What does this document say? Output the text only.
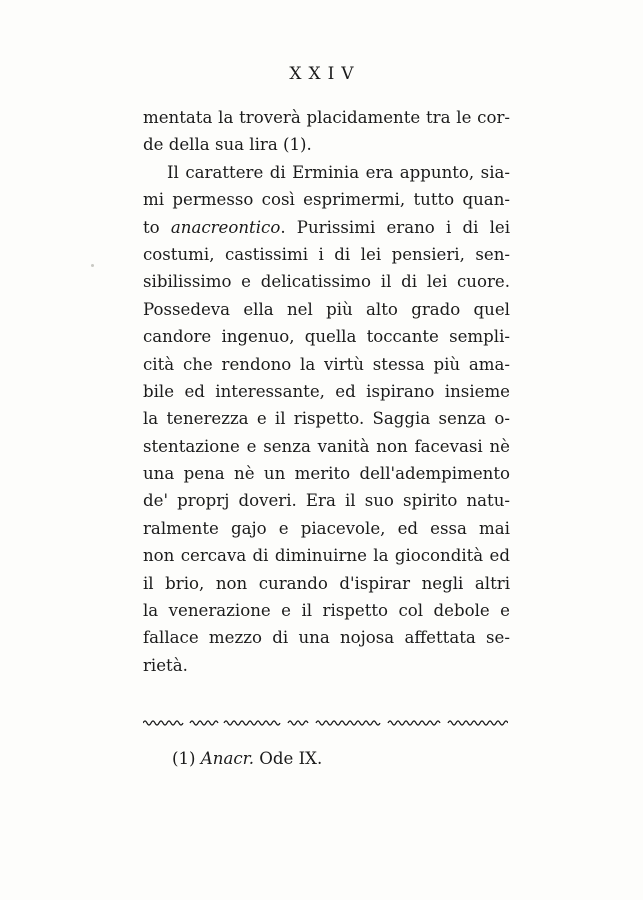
XXIV
mentata la troverà placidamente tra le cor-
de della sua lira (1).
Il carattere di Erminia era appunto, sia-
mi permesso così esprimermi, tutto quan-
to anacreontico. Purissimi erano i di lei
costumi, castissimi i di lei pensieri, sen-
sibilissimo e delicatissimo il di lei cuore.
Possedeva ella nel più alto grado quel
candore ingenuo, quella toccante sempli-
cità che rendono la virtù stessa più ama-
bile ed interessante, ed ispirano insieme
la tenerezza e il rispetto. Saggia senza o-
stentazione e senza vanità non facevasi nè
una pena nè un merito dell'adempimento
de' proprj doveri. Era il suo spirito natu-
ralmente gajo e piacevole, ed essa mai
non cercava di diminuirne la giocondità ed
il brio, non curando d'ispirar negli altri
la venerazione e il rispetto col debole e
fallace mezzo di una nojosa affettata se-
rietà.
(1) Anacr. Ode IX.
